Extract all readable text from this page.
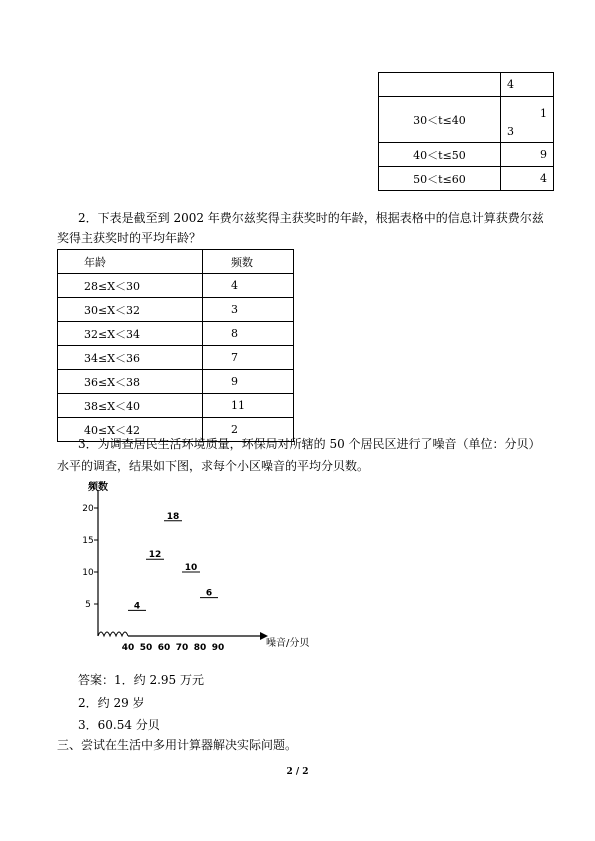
	4
30＜t≤40	1
3

40＜t≤50	9
50＜t≤60	4
2．下表是截至到 2002 年费尔兹奖得主获奖时的年龄，根据表格中的信息计算获费尔兹
奖得主获奖时的平均年龄？
年龄	频数
28≤X＜30	4
30≤X＜32	3
32≤X＜34	8
34≤X＜36	7
36≤X＜38	9
38≤X＜40	11
40≤X＜42	2
3．为调查居民生活环境质量，环保局对所辖的 50 个居民区进行了噪音（单位：分贝）
水平的调查，结果如下图，求每个小区噪音的平均分贝数。
频数
20
15
10
5
40 50 60 70 80 90
4
12
18
10
6
噪音/分贝
答案：1．约 2.95 万元
2．约 29 岁
3．60.54 分贝
三、尝试在生活中多用计算器解决实际问题。
2 / 2
